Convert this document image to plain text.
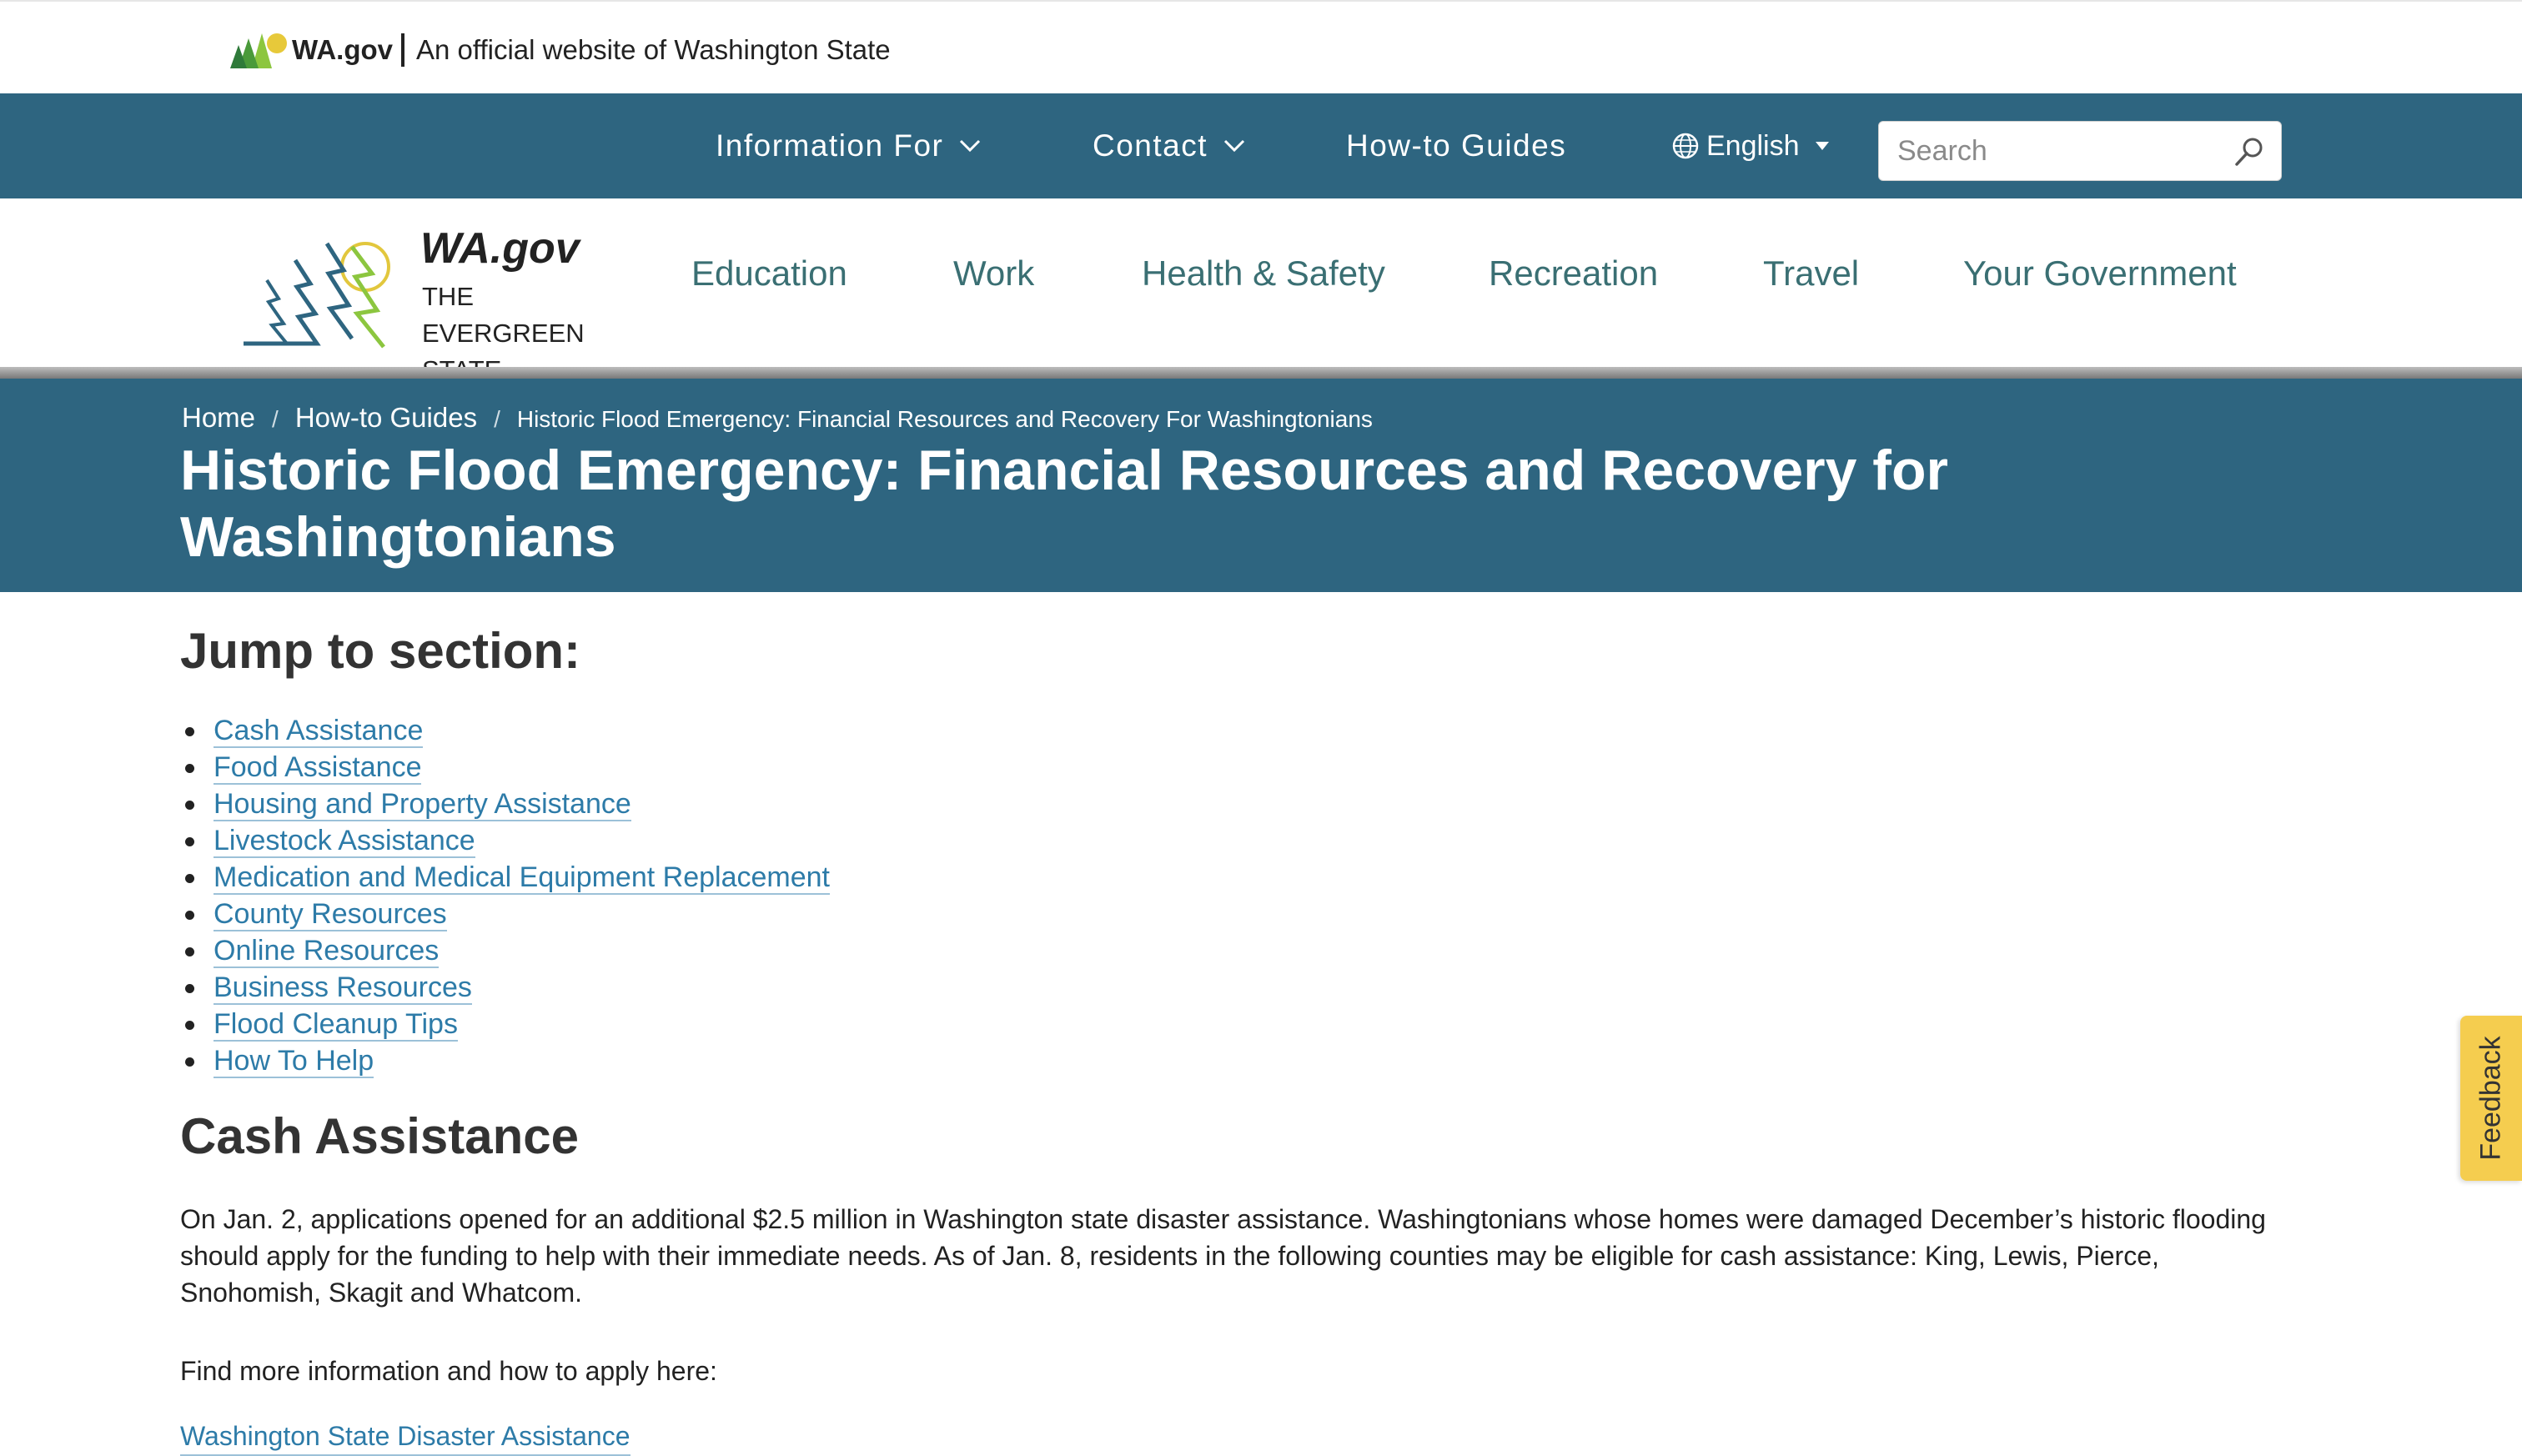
WA.gov An official website of Washington State
Information For	Contact	How-to Guides	English
Search
WA.gov
THE EVERGREEN
Education	Work	Health & Safety	Recreation	Travel	Your Government
Home / How-to Guides / Historic Flood Emergency: Financial Resources and Recovery For Washingtonians
Historic Flood Emergency: Financial Resources and Recovery for Washingtonians
Jump to section:
Cash Assistance
Food Assistance
Housing and Property Assistance
Livestock Assistance
Medication and Medical Equipment Replacement
County Resources
Online Resources
Business Resources
Flood Cleanup Tips
How To Help
Cash Assistance

On Jan. 2, applications opened for an additional $2.5 million in Washington state disaster assistance. Washingtonians whose homes were damaged December’s historic flooding should apply for the funding to help with their immediate needs. As of Jan. 8, residents in the following counties may be eligible for cash assistance: King, Lewis, Pierce, Snohomish, Skagit and Whatcom.

Find more information and how to apply here:

Washington State Disaster Assistance
Feedback
